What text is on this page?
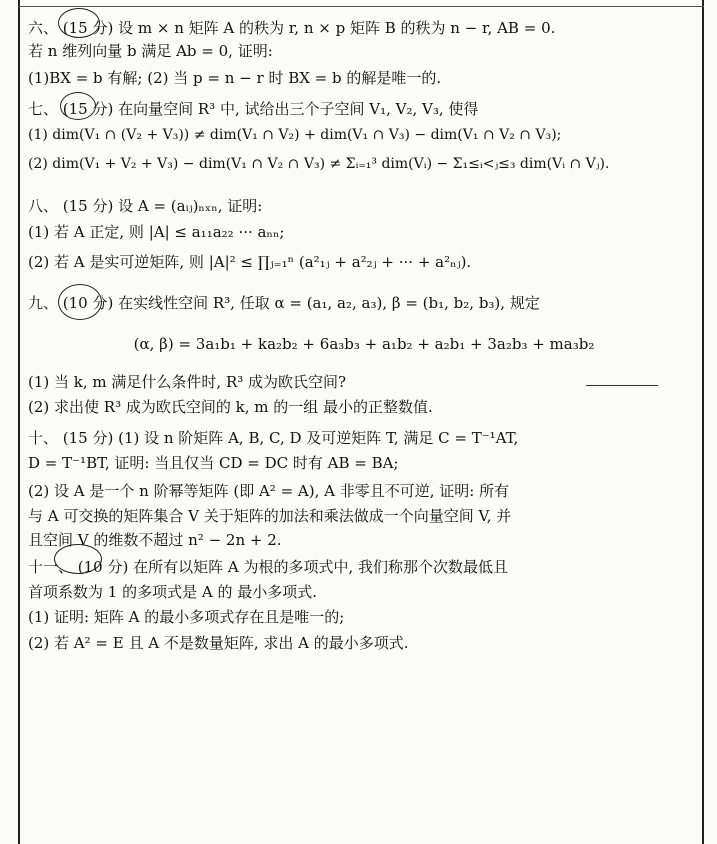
六、 (15 分) 设 m × n 矩阵 A 的秩为 r, n × p 矩阵 B 的秩为 n − r, AB = 0.
若 n 维列向量 b 满足 Ab = 0, 证明:
(1)BX = b 有解; (2) 当 p = n − r 时 BX = b 的解是唯一的.
七、 (15 分) 在向量空间 R³ 中, 试给出三个子空间 V₁, V₂, V₃, 使得
(1) dim(V₁ ∩ (V₂ + V₃)) ≠ dim(V₁ ∩ V₂) + dim(V₁ ∩ V₃) − dim(V₁ ∩ V₂ ∩ V₃);
(2) dim(V₁ + V₂ + V₃) − dim(V₁ ∩ V₂ ∩ V₃) ≠ Σᵢ₌₁³ dim(Vᵢ) − Σ₁≤ᵢ<ⱼ≤₃ dim(Vᵢ ∩ Vⱼ).
八、 (15 分) 设 A = (aᵢⱼ)ₙₓₙ, 证明:
(1) 若 A 正定, 则 |A| ≤ a₁₁a₂₂ ··· aₙₙ;
(2) 若 A 是实可逆矩阵, 则 |A|² ≤ ∏ⱼ₌₁ⁿ (a²₁ⱼ + a²₂ⱼ + ··· + a²ₙⱼ).
九、 (10 分) 在实线性空间 R³, 任取 α = (a₁, a₂, a₃), β = (b₁, b₂, b₃), 规定
(α, β) = 3a₁b₁ + ka₂b₂ + 6a₃b₃ + a₁b₂ + a₂b₁ + 3a₂b₃ + ma₃b₂
(1) 当 k, m 满足什么条件时, R³ 成为欧氏空间?
(2) 求出使 R³ 成为欧氏空间的 k, m 的一组 最小的正整数值.
十、 (15 分) (1) 设 n 阶矩阵 A, B, C, D 及可逆矩阵 T, 满足 C = T⁻¹AT,
D = T⁻¹BT, 证明: 当且仅当 CD = DC 时有 AB = BA;
(2) 设 A 是一个 n 阶幂等矩阵 (即 A² = A), A 非零且不可逆, 证明: 所有
与 A 可交换的矩阵集合 V 关于矩阵的加法和乘法做成一个向量空间 V, 并
且空间 V 的维数不超过 n² − 2n + 2.
十一、 (10 分) 在所有以矩阵 A 为根的多项式中, 我们称那个次数最低且
首项系数为 1 的多项式是 A 的 最小多项式.
(1) 证明: 矩阵 A 的最小多项式存在且是唯一的;
(2) 若 A² = E 且 A 不是数量矩阵, 求出 A 的最小多项式.
